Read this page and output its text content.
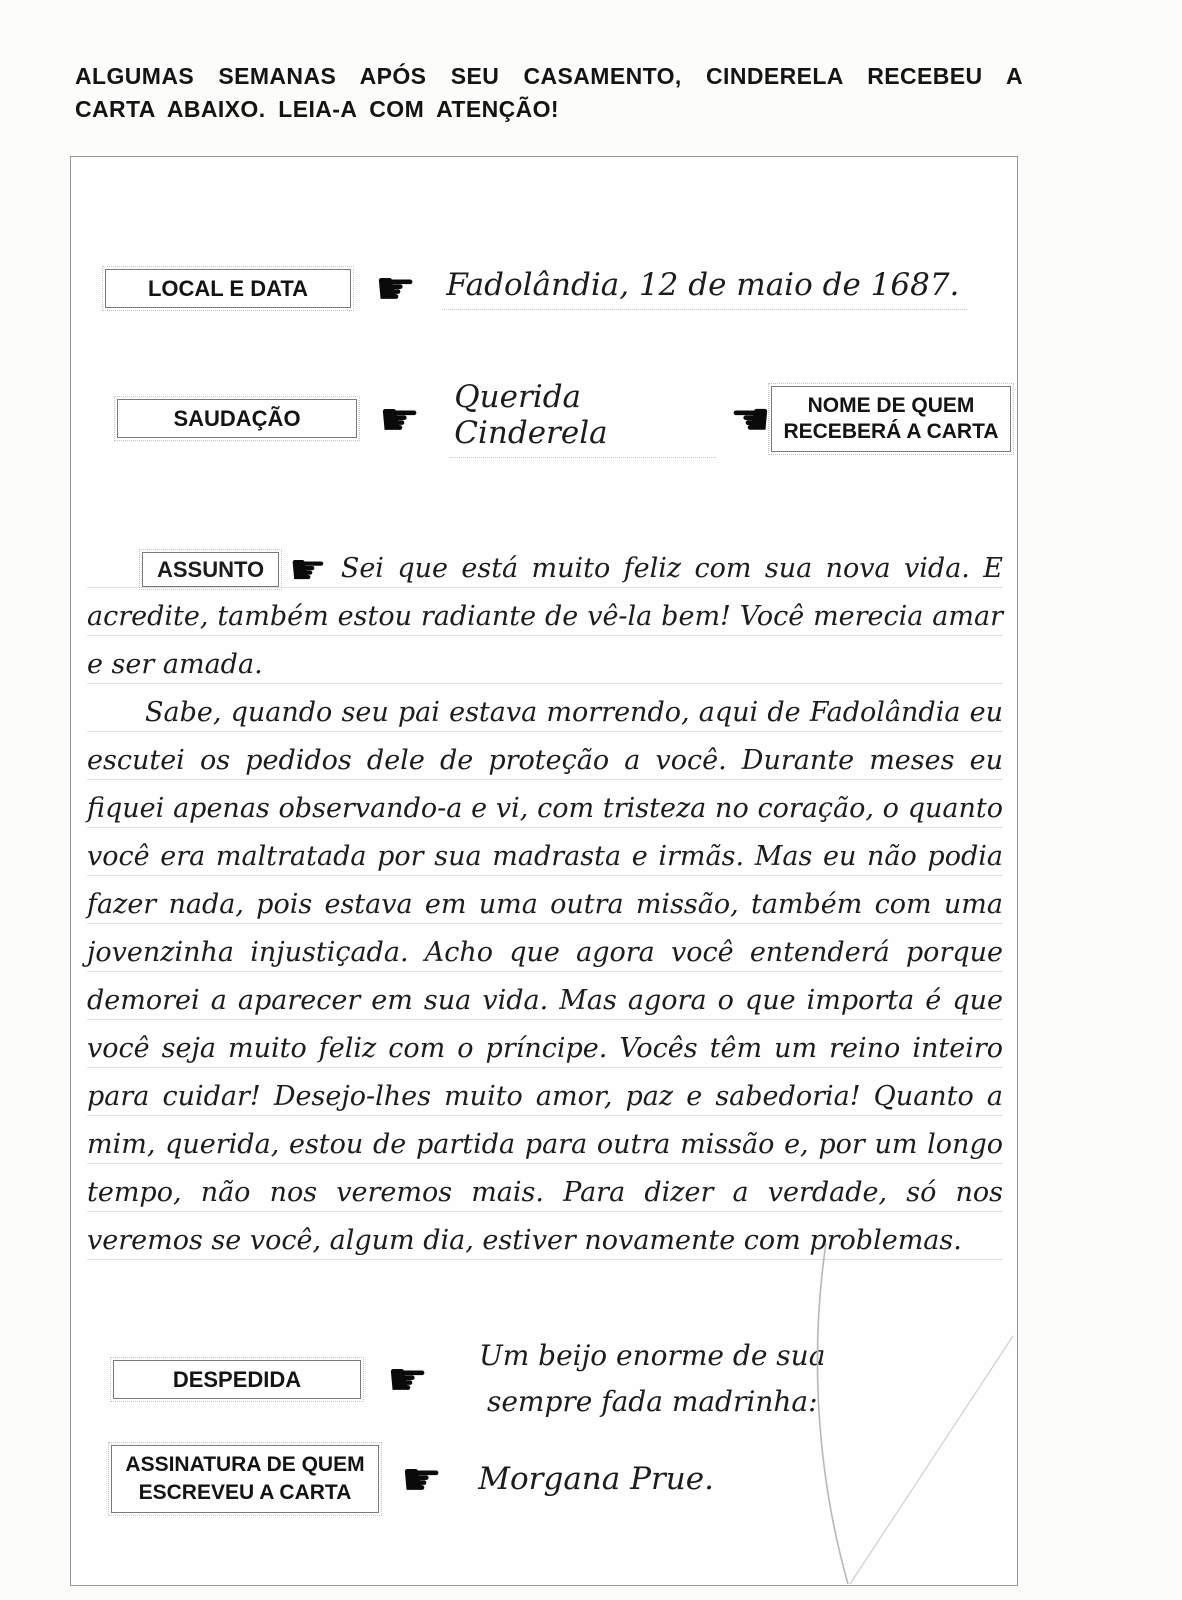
ALGUMAS SEMANAS APÓS SEU CASAMENTO, CINDERELA RECEBEU A CARTA ABAIXO. LEIA-A COM ATENÇÃO!
LOCAL E DATA	☛ Fadolândia, 12 de maio de 1687.
SAUDAÇÃO	☛ Querida Cinderela	☚	NOME DE QUEM RECEBERÁ A CARTA

ASSUNTO ☛ Sei que está muito feliz com sua nova vida. E acredite, também estou radiante de vê-la bem! Você merecia amar e ser amada.

Sabe, quando seu pai estava morrendo, aqui de Fadolândia eu escutei os pedidos dele de proteção a você. Durante meses eu fiquei apenas observando-a e vi, com tristeza no coração, o quanto você era maltratada por sua madrasta e irmãs. Mas eu não podia fazer nada, pois estava em uma outra missão, também com uma jovenzinha injustiçada. Acho que agora você entenderá porque demorei a aparecer em sua vida. Mas agora o que importa é que você seja muito feliz com o príncipe. Vocês têm um reino inteiro para cuidar! Desejo-lhes muito amor, paz e sabedoria! Quanto a mim, querida, estou de partida para outra missão e, por um longo tempo, não nos veremos mais. Para dizer a verdade, só nos veremos se você, algum dia, estiver novamente com problemas.

DESPEDIDA	☛ Um beijo enorme de sua sempre fada madrinha:
ASSINATURA DE QUEM ESCREVEU A CARTA	☛ Morgana Prue.
